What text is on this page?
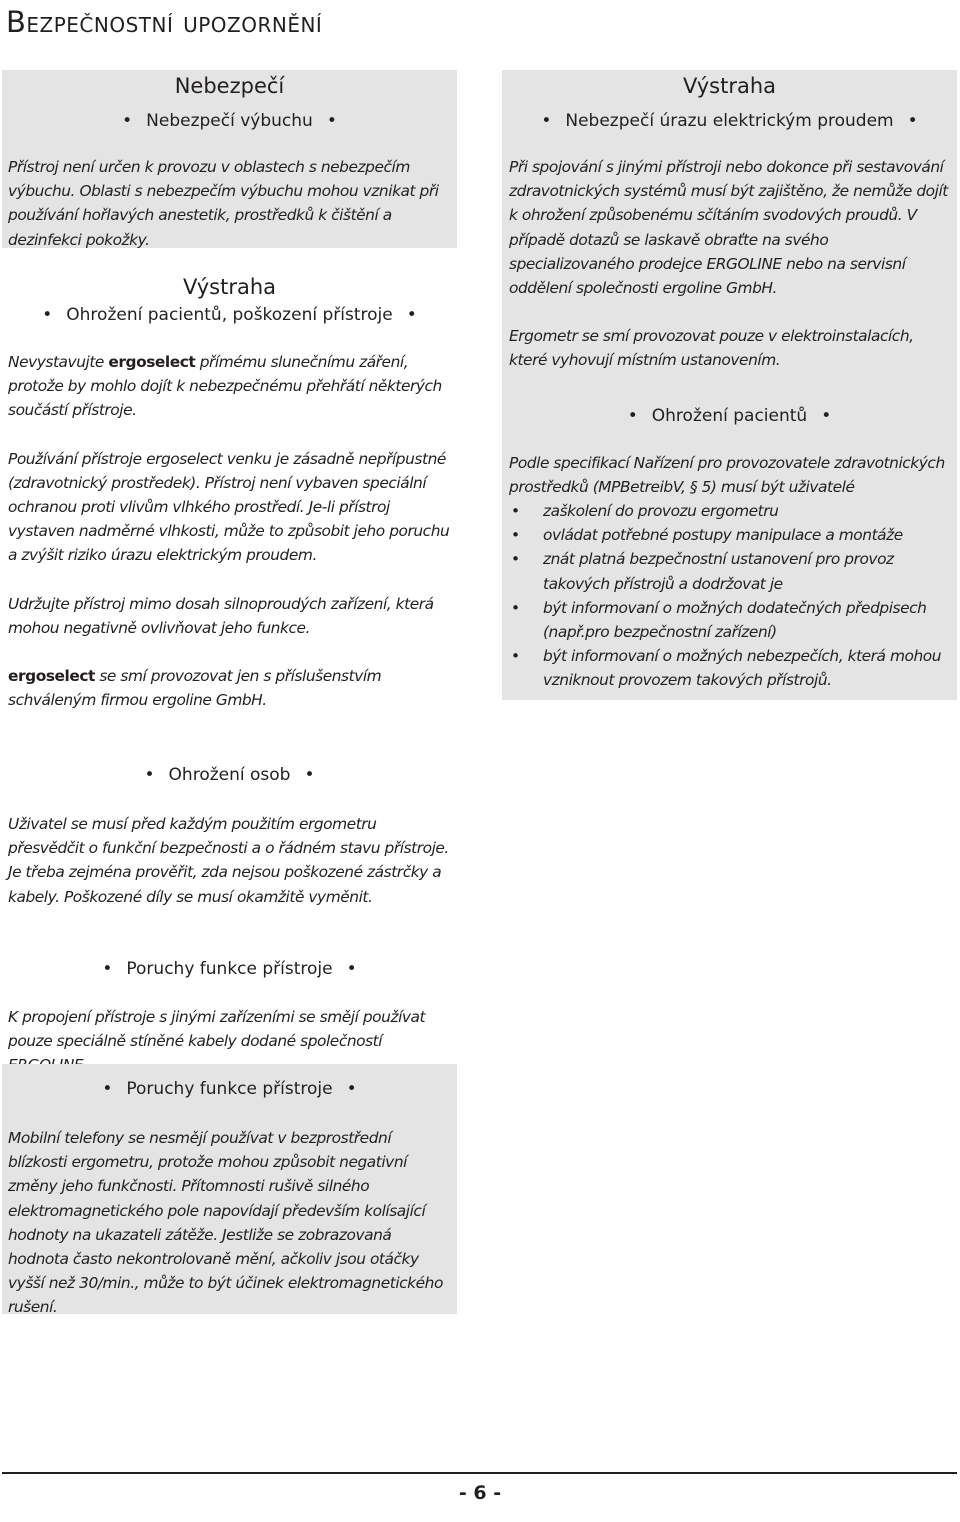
Bezpečnostní upozornění
Nebezpečí
• Nebezpečí výbuchu •

Přístroj není určen k provozu v oblastech s nebezpečím výbuchu. Oblasti s nebezpečím výbuchu mohou vznikat při používání hořlavých anestetik, prostředků k čištění a dezinfekci pokožky.

Výstraha
• Ohrožení pacientů, poškození přístroje •

Nevystavujte ergoselect přímému slunečnímu záření, protože by mohlo dojít k nebezpečnému přehřátí některých součástí přístroje.

Používání přístroje ergoselect venku je zásadně nepřípustné (zdravotnický prostředek). Přístroj není vybaven speciální ochranou proti vlivům vlhkého prostředí. Je-li přístroj vystaven nadměrné vlhkosti, může to způsobit jeho poruchu a zvýšit riziko úrazu elektrickým proudem.

Udržujte přístroj mimo dosah silnoproudých zařízení, která mohou negativně ovlivňovat jeho funkce.

ergoselect se smí provozovat jen s příslušenstvím schváleným firmou ergoline GmbH.

Výstraha
• Nebezpečí úrazu elektrickým proudem •

Při spojování s jinými přístroji nebo dokonce při sestavování zdravotnických systémů musí být zajištěno, že nemůže dojít k ohrožení způsobenému sčítáním svodových proudů. V případě dotazů se laskavě obraťte na svého specializovaného prodejce ERGOLINE nebo na servisní oddělení společnosti ergoline GmbH.

Ergometr se smí provozovat pouze v elektroinstalacích, které vyhovují místním ustanovením.

• Ohrožení pacientů •

Podle specifikací Nařízení pro provozovatele zdravotnických prostředků (MPBetreibV, § 5) musí být uživatelé

• zaškolení do provozu ergometru
• ovládat potřebné postupy manipulace a montáže
• znát platná bezpečnostní ustanovení pro provoz takových přístrojů a dodržovat je
• být informovaní o možných dodatečných předpisech (např.pro bezpečnostní zařízení)
• být informovaní o možných nebezpečích, která mohou vzniknout provozem takových přístrojů.
• Ohrožení osob •

Uživatel se musí před každým použitím ergometru přesvědčit o funkční bezpečnosti a o řádném stavu přístroje. Je třeba zejména prověřit, zda nejsou poškozené zástrčky a kabely. Poškozené díly se musí okamžitě vyměnit.

• Poruchy funkce přístroje •

K propojení přístroje s jinými zařízeními se smějí používat pouze speciálně stíněné kabely dodané společností

• Poruchy funkce přístroje •

Mobilní telefony se nesmějí používat v bezprostřední blízkosti ergometru, protože mohou způsobit negativní změny jeho funkčnosti. Přítomnosti rušivě silného elektromagnetického pole napovídají především kolísající hodnoty na ukazateli zátěže. Jestliže se zobrazovaná hodnota často nekontrolovaně mění, ačkoliv jsou otáčky vyšší než 30/min., může to být účinek elektromagnetického rušení.

- 6 -
